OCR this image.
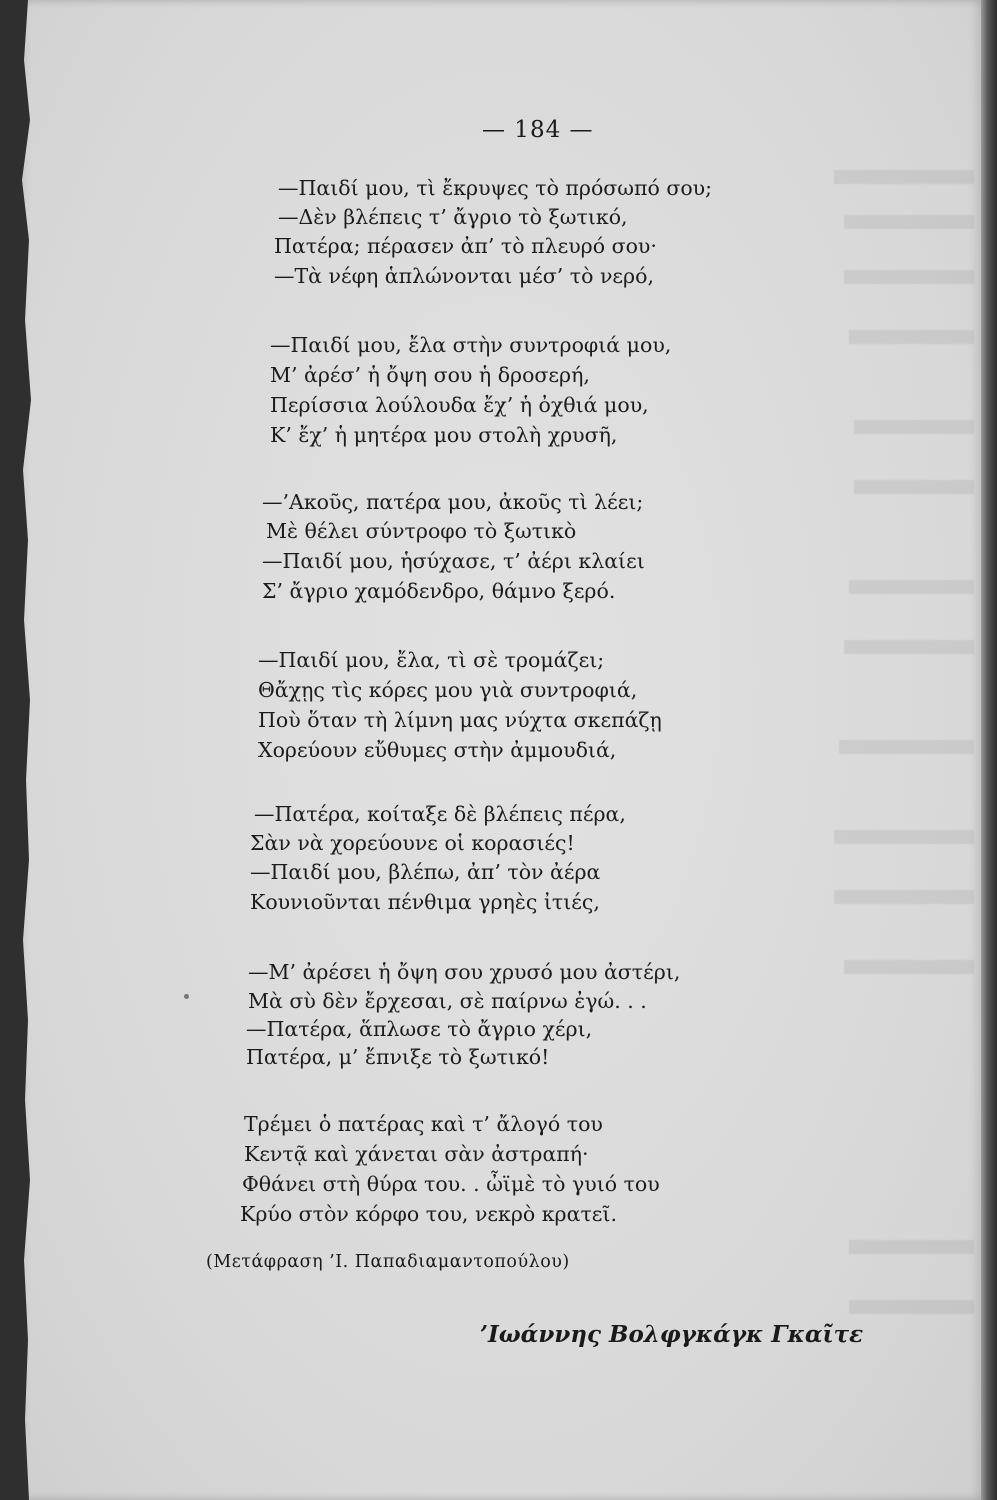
— 184 —
—Παιδί μου, τὶ ἔκρυψες τὸ πρόσωπό σου;
—Δὲν βλέπεις τ’ ἄγριο τὸ ξωτικό,
Πατέρα; πέρασεν ἀπ’ τὸ πλευρό σου·
—Τὰ νέφη ἁπλώνονται μέσ’ τὸ νερό,
—Παιδί μου, ἔλα στὴν συντροφιά μου,
Μ’ ἀρέσ’ ἡ ὄψη σου ἡ δροσερή,
Περίσσια λούλουδα ἔχ’ ἡ ὀχθιά μου,
Κ’ ἔχ’ ἡ μητέρα μου στολὴ χρυσῆ,
—’Ακοῦς, πατέρα μου, ἀκοῦς τὶ λέει;
Μὲ θέλει σύντροφο τὸ ξωτικὸ
—Παιδί μου, ἡσύχασε, τ’ ἀέρι κλαίει
Σ’ ἄγριο χαμόδενδρο, θάμνο ξερό.
—Παιδί μου, ἔλα, τὶ σὲ τρομάζει;
Θἄχῃς τὶς κόρες μου γιὰ συντροφιά,
Ποὺ ὅταν τὴ λίμνη μας νύχτα σκεπάζῃ
Χορεύουν εὔθυμες στὴν ἀμμουδιά,
—Πατέρα, κοίταξε δὲ βλέπεις πέρα,
Σὰν νὰ χορεύουνε οἱ κορασιές!
—Παιδί μου, βλέπω, ἀπ’ τὸν ἀέρα
Κουνιοῦνται πένθιμα γρηὲς ἰτιές,
—Μ’ ἀρέσει ἡ ὄψη σου χρυσό μου ἀστέρι,
Μὰ σὺ δὲν ἔρχεσαι, σὲ παίρνω ἐγώ. . .
—Πατέρα, ἅπλωσε τὸ ἄγριο χέρι,
Πατέρα, μ’ ἔπνιξε τὸ ξωτικό!
Τρέμει ὁ πατέρας καὶ τ’ ἄλογό του
Κεντᾷ καὶ χάνεται σὰν ἀστραπή·
Φθάνει στὴ θύρα του. . ὦϊμὲ τὸ γυιό του
Κρύο στὸν κόρφο του, νεκρὸ κρατεῖ.
(Μετάφραση ’Ι. Παπαδιαμαντοπούλου)
’Ιωάννης Βολφγκάγκ Γκαῖτε
